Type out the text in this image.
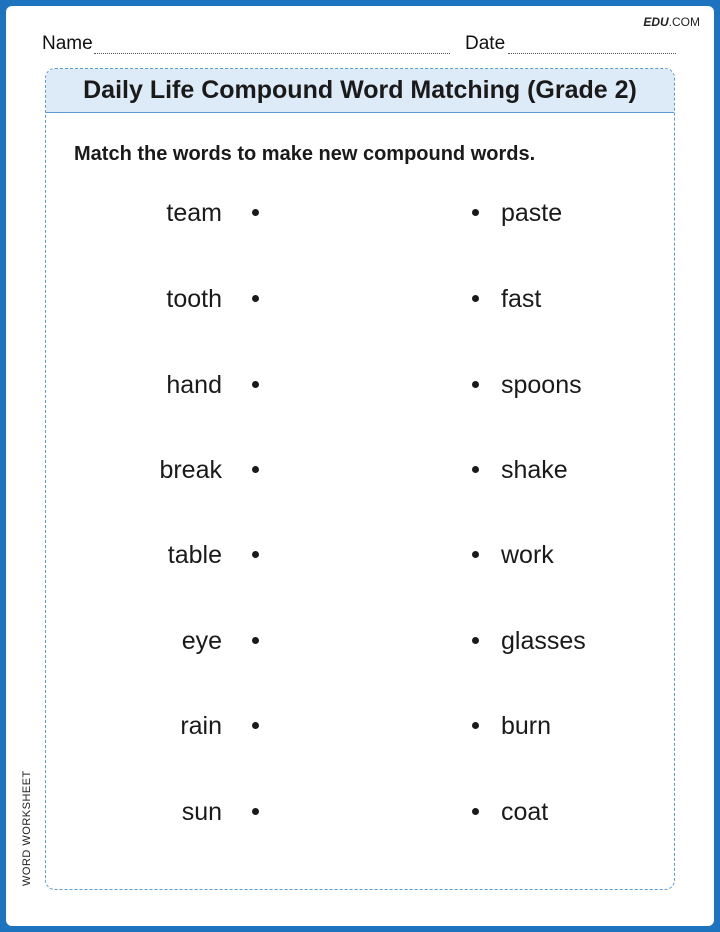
EDU.COM
Name	Date
Daily Life Compound Word Matching (Grade 2)
Match the words to make new compound words.
team	paste
tooth	fast
hand	spoons
break	shake
table	work
eye	glasses
rain	burn
sun	coat
WORD WORKSHEET
